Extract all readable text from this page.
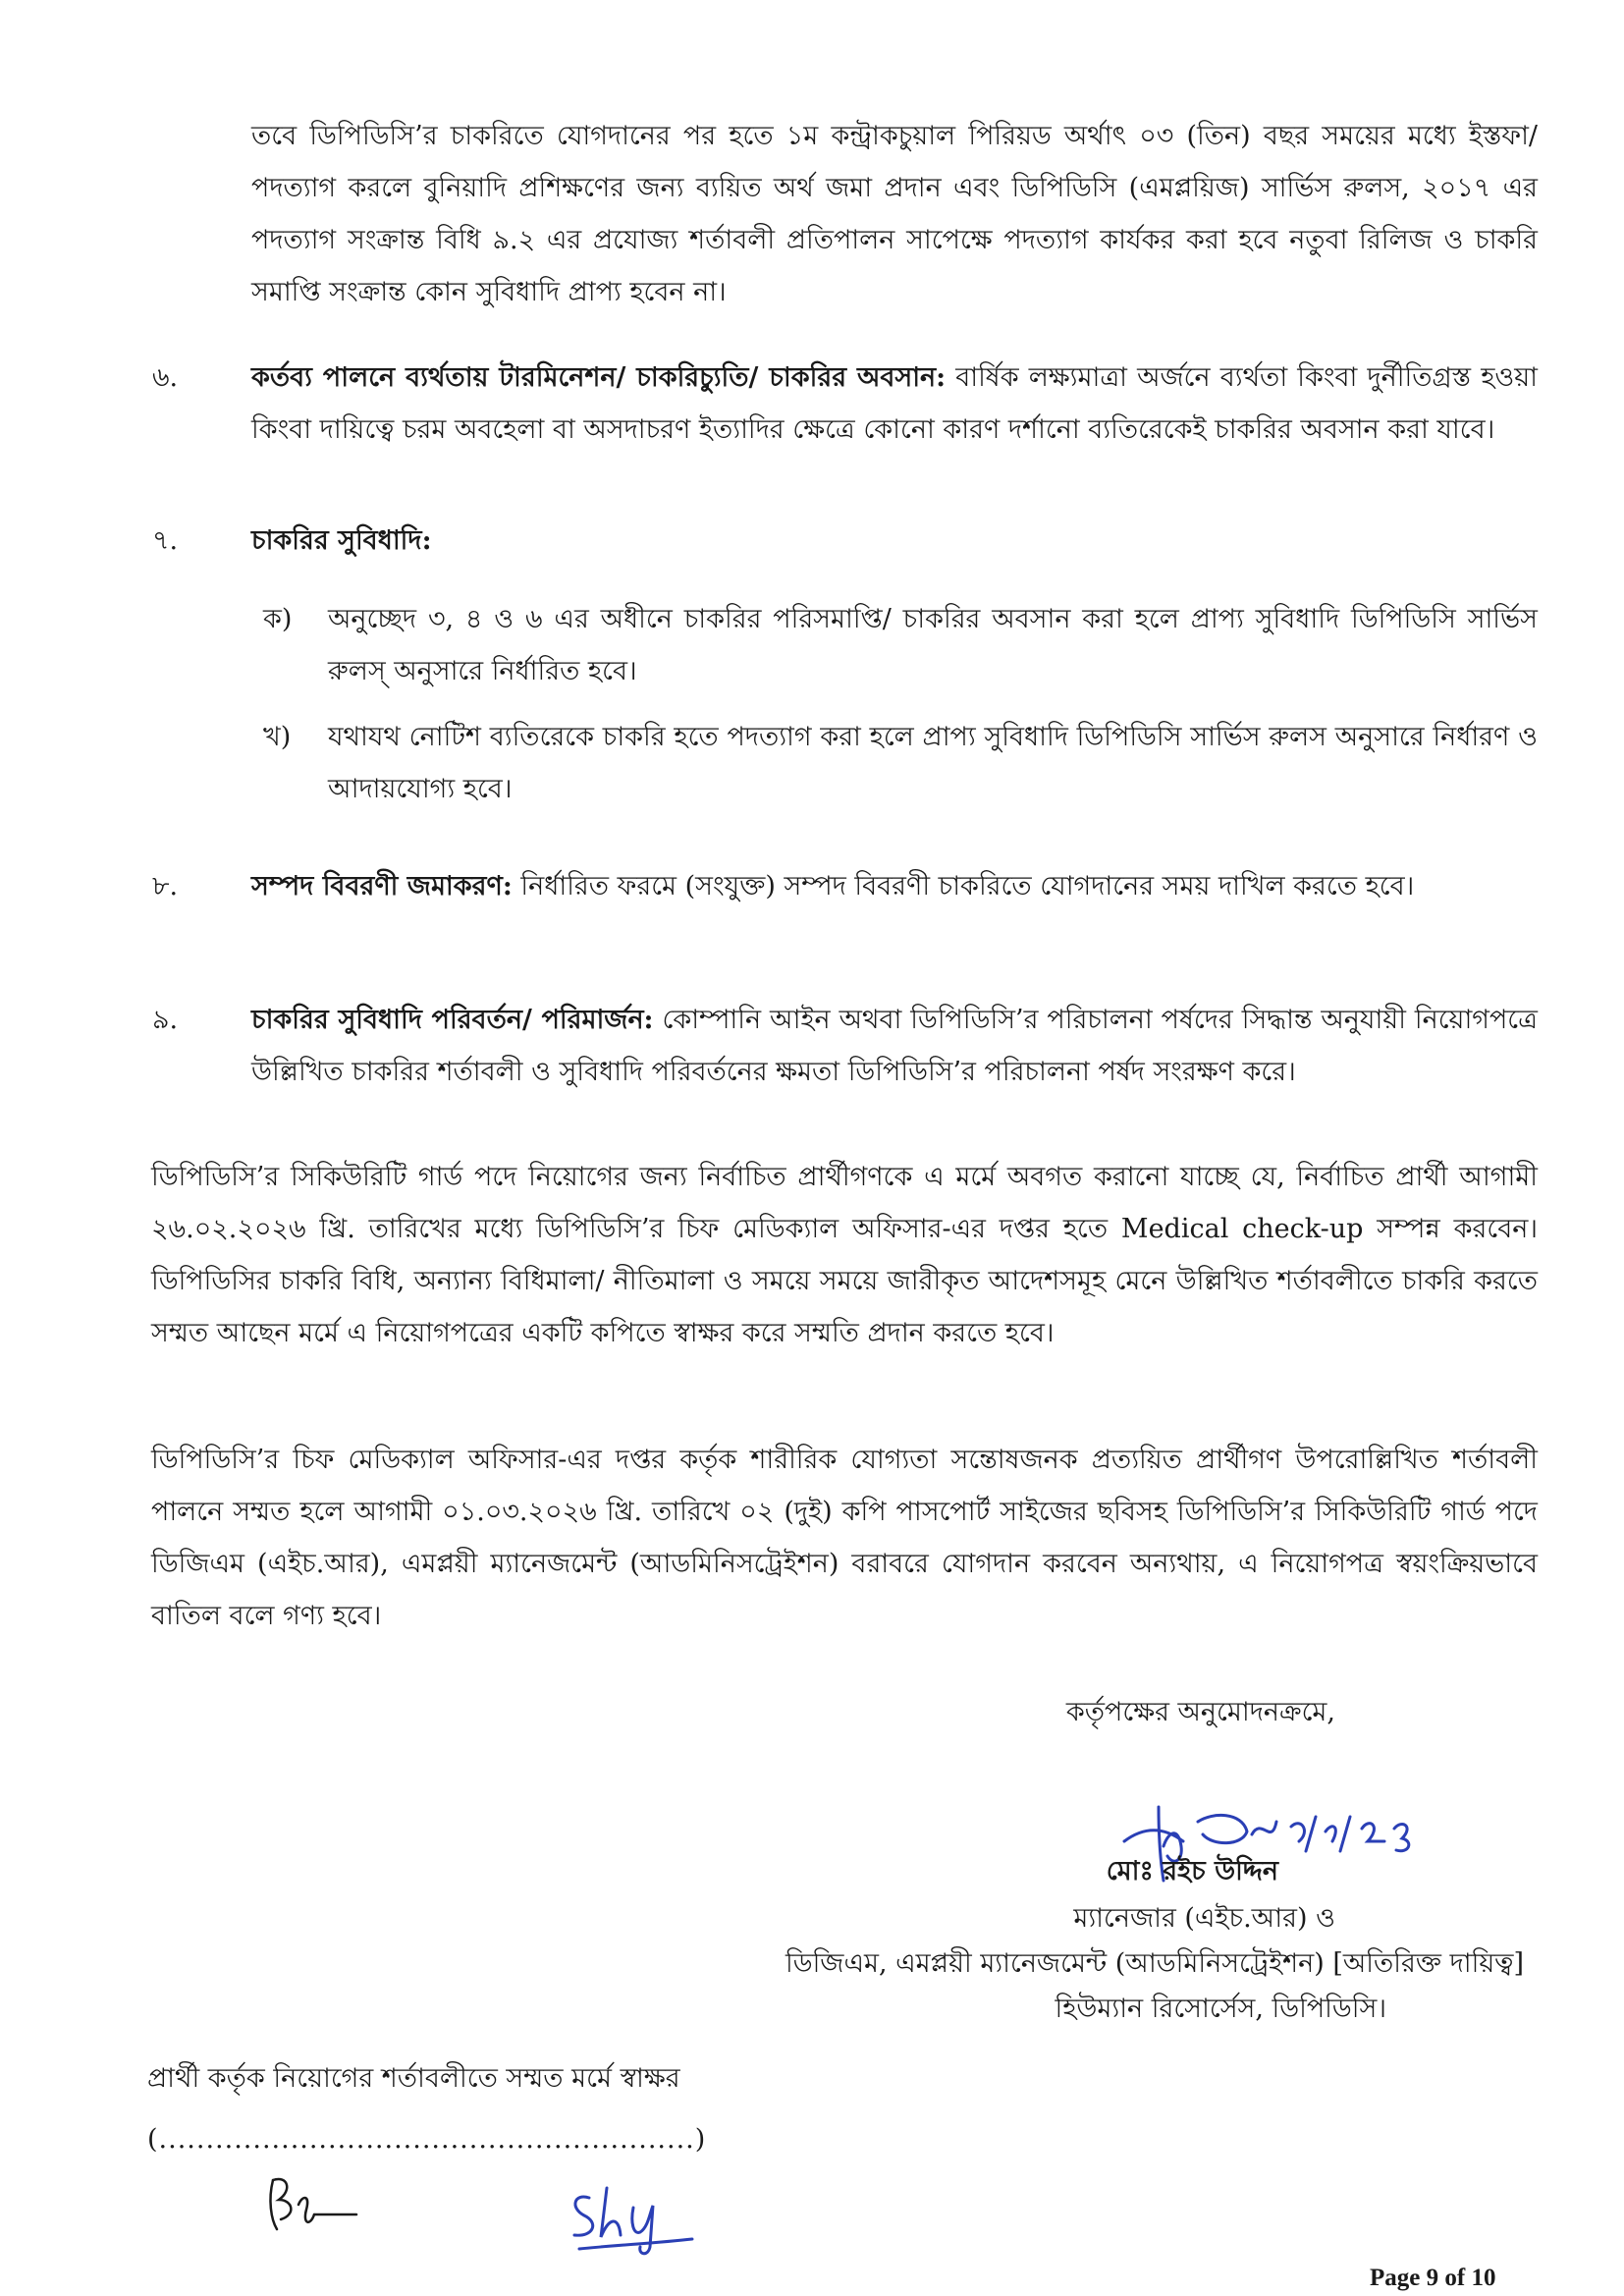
তবে ডিপিডিসি’র চাকরিতে যোগদানের পর হতে ১ম কন্ট্রাকচুয়াল পিরিয়ড অর্থাৎ ০৩ (তিন) বছর সময়ের মধ্যে ইস্তফা/ পদত্যাগ করলে বুনিয়াদি প্রশিক্ষণের জন্য ব্যয়িত অর্থ জমা প্রদান এবং ডিপিডিসি (এমপ্লয়িজ) সার্ভিস রুলস, ২০১৭ এর পদত্যাগ সংক্রান্ত বিধি ৯.২ এর প্রযোজ্য শর্তাবলী প্রতিপালন সাপেক্ষে পদত্যাগ কার্যকর করা হবে নতুবা রিলিজ ও চাকরি সমাপ্তি সংক্রান্ত কোন সুবিধাদি প্রাপ্য হবেন না।

৬.	কর্তব্য পালনে ব্যর্থতায় টারমিনেশন/ চাকরিচ্যুতি/ চাকরির অবসান: বার্ষিক লক্ষ্যমাত্রা অর্জনে ব্যর্থতা কিংবা দুর্নীতিগ্রস্ত হওয়া কিংবা দায়িত্বে চরম অবহেলা বা অসদাচরণ ইত্যাদির ক্ষেত্রে কোনো কারণ দর্শানো ব্যতিরেকেই চাকরির অবসান করা যাবে।

৭.	চাকরির সুবিধাদি:

ক) অনুচ্ছেদ ৩, ৪ ও ৬ এর অধীনে চাকরির পরিসমাপ্তি/ চাকরির অবসান করা হলে প্রাপ্য সুবিধাদি ডিপিডিসি সার্ভিস রুলস্ অনুসারে নির্ধারিত হবে।

খ) যথাযথ নোটিশ ব্যতিরেকে চাকরি হতে পদত্যাগ করা হলে প্রাপ্য সুবিধাদি ডিপিডিসি সার্ভিস রুলস অনুসারে নির্ধারণ ও আদায়যোগ্য হবে।

৮.	সম্পদ বিবরণী জমাকরণ: নির্ধারিত ফরমে (সংযুক্ত) সম্পদ বিবরণী চাকরিতে যোগদানের সময় দাখিল করতে হবে।

৯.	চাকরির সুবিধাদি পরিবর্তন/ পরিমার্জন: কোম্পানি আইন অথবা ডিপিডিসি’র পরিচালনা পর্ষদের সিদ্ধান্ত অনুযায়ী নিয়োগপত্রে উল্লিখিত চাকরির শর্তাবলী ও সুবিধাদি পরিবর্তনের ক্ষমতা ডিপিডিসি’র পরিচালনা পর্ষদ সংরক্ষণ করে।

ডিপিডিসি’র সিকিউরিটি গার্ড পদে নিয়োগের জন্য নির্বাচিত প্রার্থীগণকে এ মর্মে অবগত করানো যাচ্ছে যে, নির্বাচিত প্রার্থী আগামী ২৬.০২.২০২৬ খ্রি. তারিখের মধ্যে ডিপিডিসি’র চিফ মেডিক্যাল অফিসার-এর দপ্তর হতে Medical check-up সম্পন্ন করবেন। ডিপিডিসির চাকরি বিধি, অন্যান্য বিধিমালা/ নীতিমালা ও সময়ে সময়ে জারীকৃত আদেশসমূহ মেনে উল্লিখিত শর্তাবলীতে চাকরি করতে সম্মত আছেন মর্মে এ নিয়োগপত্রের একটি কপিতে স্বাক্ষর করে সম্মতি প্রদান করতে হবে।

ডিপিডিসি’র চিফ মেডিক্যাল অফিসার-এর দপ্তর কর্তৃক শারীরিক যোগ্যতা সন্তোষজনক প্রত্যয়িত প্রার্থীগণ উপরোল্লিখিত শর্তাবলী পালনে সম্মত হলে আগামী ০১.০৩.২০২৬ খ্রি. তারিখে ০২ (দুই) কপি পাসপোর্ট সাইজের ছবিসহ ডিপিডিসি’র সিকিউরিটি গার্ড পদে ডিজিএম (এইচ.আর), এমপ্লয়ী ম্যানেজমেন্ট (আডমিনিসট্রেইশন) বরাবরে যোগদান করবেন অন্যথায়, এ নিয়োগপত্র স্বয়ংক্রিয়ভাবে বাতিল বলে গণ্য হবে।

কর্তৃপক্ষের অনুমোদনক্রমে,
মোঃ রইচ উদ্দিন
ম্যানেজার (এইচ.আর) ও
ডিজিএম, এমপ্লয়ী ম্যানেজমেন্ট (আডমিনিসট্রেইশন) [অতিরিক্ত দায়িত্ব]
হিউম্যান রিসোর্সেস, ডিপিডিসি।
প্রার্থী কর্তৃক নিয়োগের শর্তাবলীতে সম্মত মর্মে স্বাক্ষর
(.........................................................)
Page 9 of 10
